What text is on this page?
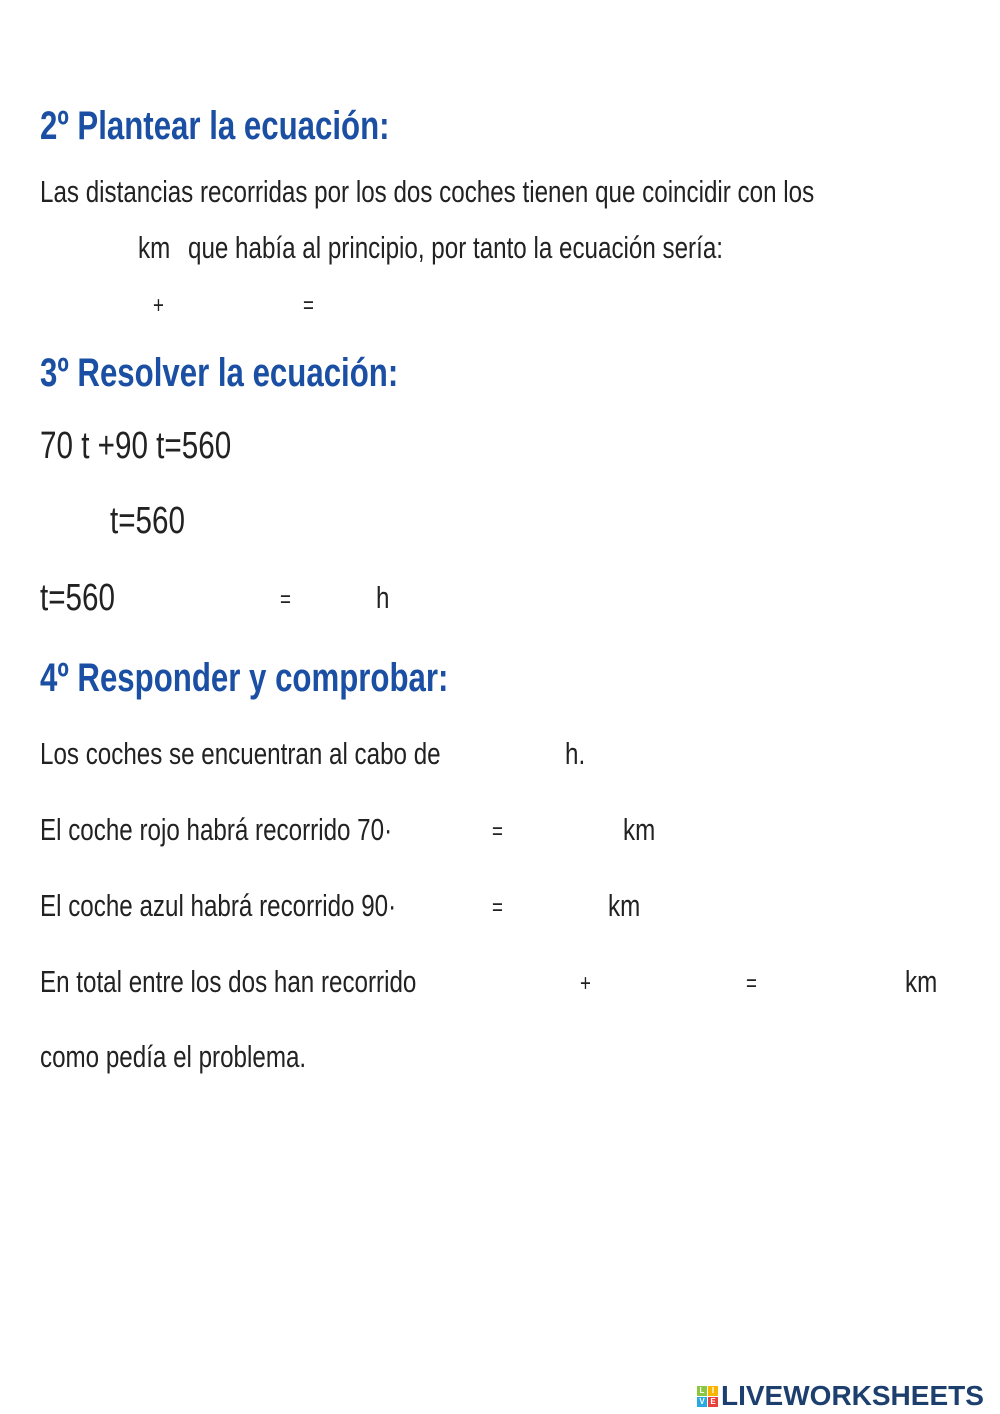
2º Plantear la ecuación:
Las distancias recorridas por los dos coches tienen que coincidir con los
km que había al principio, por tanto la ecuación sería:
+	=
3º Resolver la ecuación:
70 t +90 t=560
t=560
t=560	=	h
4º Responder y comprobar:
Los coches se encuentran al cabo de	h.
El coche rojo habrá recorrido 70·	=	km
El coche azul habrá recorrido 90·	=	km
En total entre los dos han recorrido	+	=	km
como pedía el problema.
L I
V E LIVEWORKSHEETS
